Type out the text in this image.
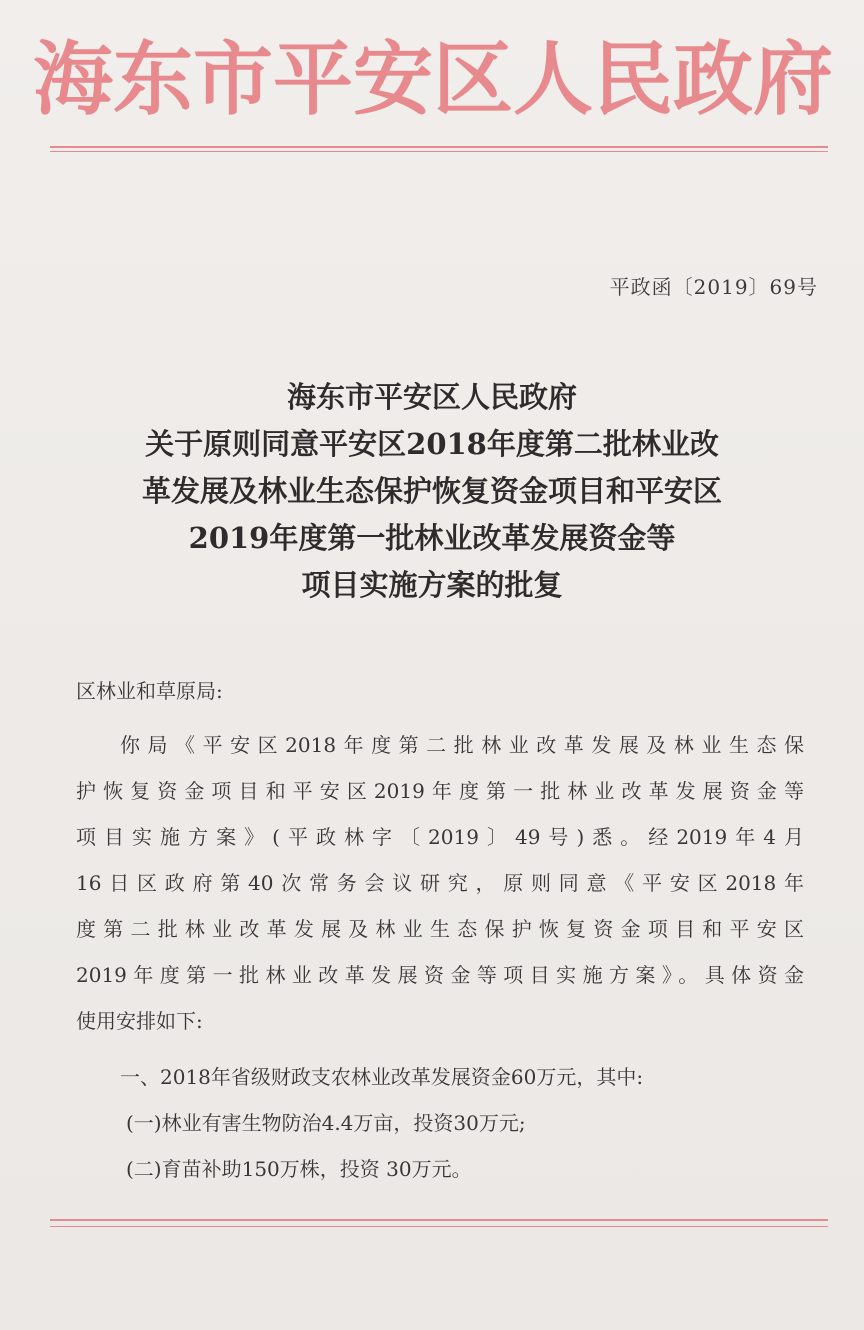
海东市平安区人民政府
平政函〔2019〕69号
海东市平安区人民政府
关于原则同意平安区2018年度第二批林业改
革发展及林业生态保护恢复资金项目和平安区
2019年度第一批林业改革发展资金等
项目实施方案的批复
区林业和草原局:
你局《平安区2018年度第二批林业改革发展及林业生态保
护恢复资金项目和平安区2019年度第一批林业改革发展资金等
项目实施方案》(平政林字〔2019〕49号)悉。经2019年4月
16日区政府第40次常务会议研究，原则同意《平安区2018年
度第二批林业改革发展及林业生态保护恢复资金项目和平安区
2019年度第一批林业改革发展资金等项目实施方案》。具体资金
使用安排如下:
一、2018年省级财政支农林业改革发展资金60万元，其中:
(一)林业有害生物防治4.4万亩，投资30万元;
(二)育苗补助150万株，投资 30万元。
